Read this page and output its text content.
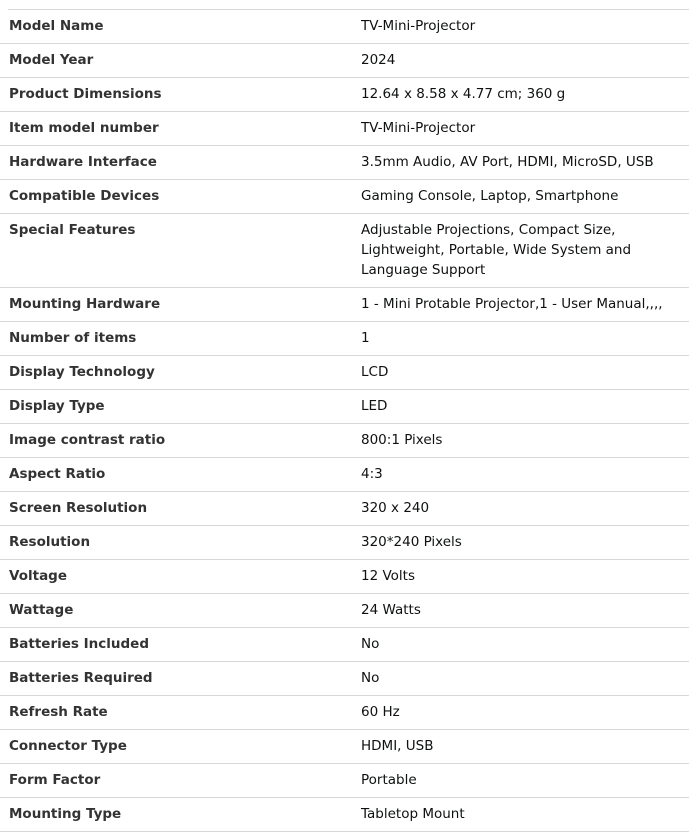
Model Name	TV-Mini-Projector
Model Year	2024
Product Dimensions	12.64 x 8.58 x 4.77 cm; 360 g
Item model number	TV-Mini-Projector
Hardware Interface	3.5mm Audio, AV Port, HDMI, MicroSD, USB
Compatible Devices	Gaming Console, Laptop, Smartphone
Special Features	Adjustable Projections, Compact Size, Lightweight, Portable, Wide System and Language Support
Mounting Hardware	1 - Mini Protable Projector,1 - User Manual,,,,
Number of items	1
Display Technology	LCD
Display Type	LED
Image contrast ratio	800:1 Pixels
Aspect Ratio	4:3
Screen Resolution	320 x 240
Resolution	320*240 Pixels
Voltage	12 Volts
Wattage	24 Watts
Batteries Included	No
Batteries Required	No
Refresh Rate	60 Hz
Connector Type	HDMI, USB
Form Factor	Portable
Mounting Type	Tabletop Mount
